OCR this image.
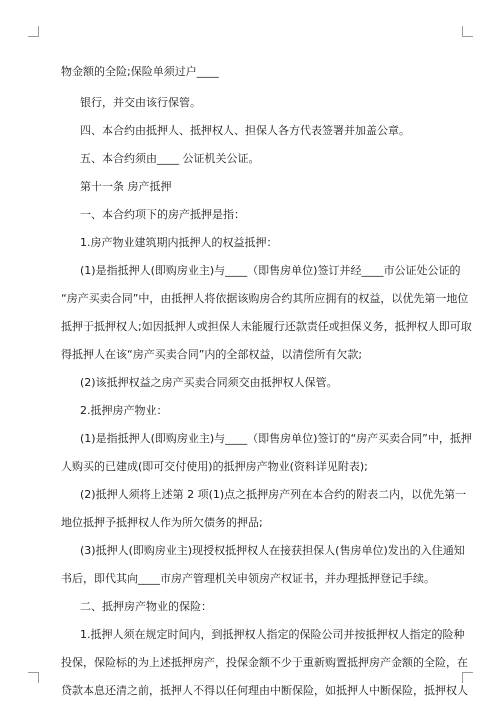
物金额的全险;保险单须过户____
银行，并交由该行保管。
四、本合约由抵押人、抵押权人、担保人各方代表签署并加盖公章。
五、本合约须由____ 公证机关公证。
第十一条 房产抵押
一、本合约项下的房产抵押是指：
1.房产物业建筑期内抵押人的权益抵押：
(1)是指抵押人(即购房业主)与____（即售房单位)签订并经____市公证处公证的
“房产买卖合同”中，由抵押人将依据该购房合约其所应拥有的权益，以优先第一地位
抵押于抵押权人;如因抵押人或担保人未能履行还款责任或担保义务，抵押权人即可取
得抵押人在该“房产买卖合同”内的全部权益，以清偿所有欠款;
(2)该抵押权益之房产买卖合同须交由抵押权人保管。
2.抵押房产物业：
(1)是指抵押人(即购房业主)与____（即售房单位)签订的“房产买卖合同”中，抵押
人购买的已建成(即可交付使用)的抵押房产物业(资料详见附表);
(2)抵押人须将上述第 2 项(1)点之抵押房产列在本合约的附表二内，以优先第一
地位抵押予抵押权人作为所欠债务的押品;
(3)抵押人(即购房业主)现授权抵押权人在接获担保人(售房单位)发出的入住通知
书后，即代其向____市房产管理机关申领房产权证书，并办理抵押登记手续。
二、抵押房产物业的保险：
1.抵押人须在规定时间内，到抵押权人指定的保险公司并按抵押权人指定的险种
投保，保险标的为上述抵押房产，投保金额不少于重新购置抵押房产金额的全险，在
贷款本息还清之前，抵押人不得以任何理由中断保险，如抵押人中断保险，抵押权人
